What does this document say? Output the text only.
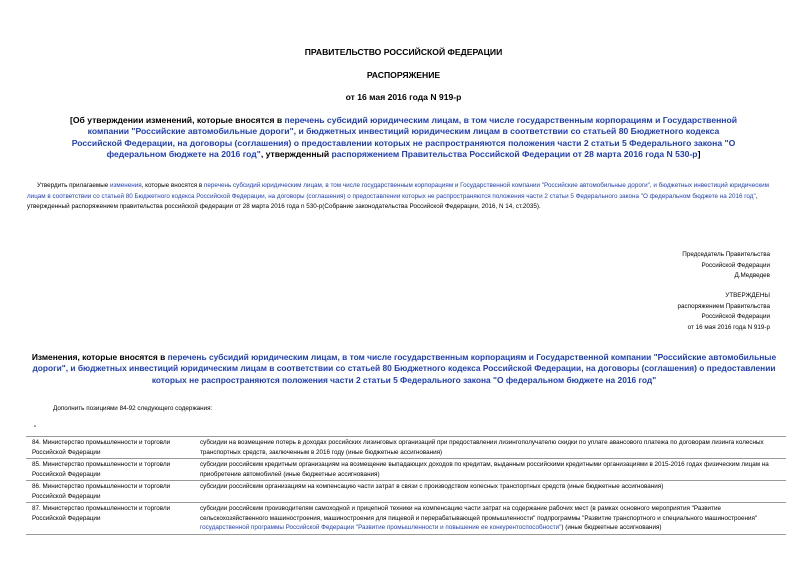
ПРАВИТЕЛЬСТВО РОССИЙСКОЙ ФЕДЕРАЦИИ
РАСПОРЯЖЕНИЕ
от 16 мая 2016 года N 919-р
[Об утверждении изменений, которые вносятся в перечень субсидий юридическим лицам, в том числе государственным корпорациям и Государственной компании "Российские автомобильные дороги", и бюджетных инвестиций юридическим лицам в соответствии со статьей 80 Бюджетного кодекса Российской Федерации, на договоры (соглашения) о предоставлении которых не распространяются положения части 2 статьи 5 Федерального закона "О федеральном бюджете на 2016 год", утвержденный распоряжением Правительства Российской Федерации от 28 марта 2016 года N 530-р]
Утвердить прилагаемые изменения, которые вносятся в перечень субсидий юридическим лицам, в том числе государственным корпорациям и Государственной компании "Российские автомобильные дороги", и бюджетных инвестиций юридическим лицам в соответствии со статьей 80 Бюджетного кодекса Российской Федерации, на договоры (соглашения) о предоставлении которых не распространяются положения части 2 статьи 5 Федерального закона "О федеральном бюджете на 2016 год", утвержденный распоряжением правительства российской федерации от 28 марта 2016 года n 530-р(Собрание законодательства Российской Федерации, 2016, N 14, ст.2035).
Председатель Правительства
Российской Федерации
Д.Медведев
УТВЕРЖДЕНЫ
распоряжением Правительства
Российской Федерации
от 16 мая 2016 года N 919-р
Изменения, которые вносятся в перечень субсидий юридическим лицам, в том числе государственным корпорациям и Государственной компании "Российские автомобильные дороги", и бюджетных инвестиций юридическим лицам в соответствии со статьей 80 Бюджетного кодекса Российской Федерации, на договоры (соглашения) о предоставлении которых не распространяются положения части 2 статьи 5 Федерального закона "О федеральном бюджете на 2016 год"
Дополнить позициями 84-92 следующего содержания:
"
84. Министерство промышленности и торговли Российской Федерации
субсидии на возмещение потерь в доходах российских лизинговых организаций при предоставлении лизингополучателю скидки по уплате авансового платежа по договорам лизинга колесных транспортных средств, заключенным в 2016 году (иные бюджетные ассигнования)
85. Министерство промышленности и торговли Российской Федерации
субсидии российским кредитным организациям на возмещение выпадающих доходов по кредитам, выданным российскими кредитными организациями в 2015-2016 годах физическим лицам на приобретение автомобилей (иные бюджетные ассигнования)
86. Министерство промышленности и торговли Российской Федерации
субсидии российским организациям на компенсацию части затрат в связи с производством колесных транспортных средств (иные бюджетные ассигнования)
87. Министерство промышленности и торговли Российской Федерации
субсидии российским производителям самоходной и прицепной техники на компенсацию части затрат на содержание рабочих мест (в рамках основного мероприятия "Развитие сельскохозяйственного машиностроения, машиностроения для пищевой и перерабатывающей промышленности" подпрограммы "Развитие транспортного и специального машиностроения" государственной программы Российской Федерации "Развитие промышленности и повышение ее конкурентоспособности") (иные бюджетные ассигнования)
